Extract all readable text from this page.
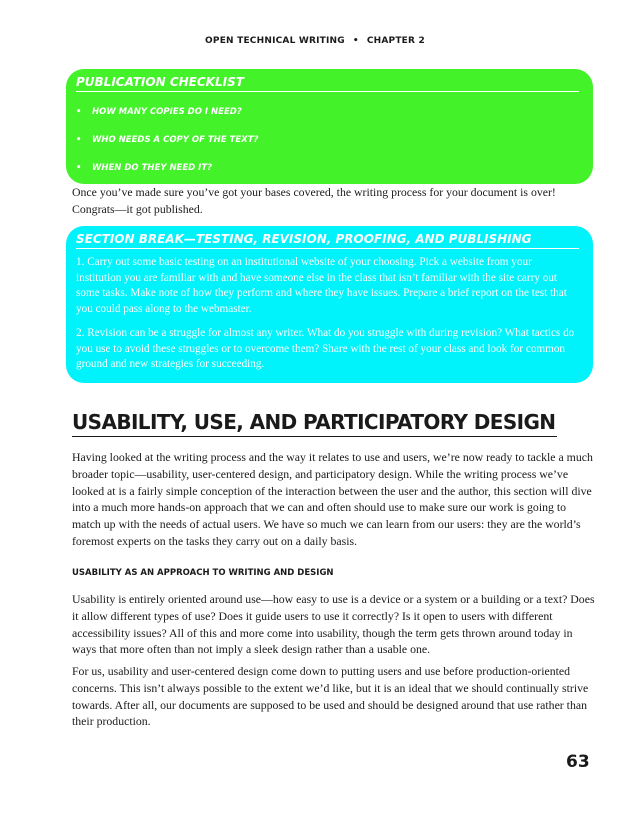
OPEN TECHNICAL WRITING • CHAPTER 2
PUBLICATION CHECKLIST
• HOW MANY COPIES DO I NEED?
• WHO NEEDS A COPY OF THE TEXT?
• WHEN DO THEY NEED IT?

Once you’ve made sure you’ve got your bases covered, the writing process for your document is over! Congrats—it got published.

SECTION BREAK—TESTING, REVISION, PROOFING, AND PUBLISHING

1. Carry out some basic testing on an institutional website of your choosing. Pick a website from your institution you are familiar with and have someone else in the class that isn’t familiar with the site carry out some tasks. Make note of how they perform and where they have issues. Prepare a brief report on the test that you could pass along to the webmaster.

2. Revision can be a struggle for almost any writer. What do you struggle with during revision? What tactics do you use to avoid these struggles or to overcome them? Share with the rest of your class and look for common ground and new strategies for succeeding.

USABILITY, USE, AND PARTICIPATORY DESIGN

Having looked at the writing process and the way it relates to use and users, we’re now ready to tackle a much broader topic—usability, user-centered design, and participatory design. While the writing process we’ve looked at is a fairly simple conception of the interaction between the user and the author, this section will dive into a much more hands-on approach that we can and often should use to make sure our work is going to match up with the needs of actual users. We have so much we can learn from our users: they are the world’s foremost experts on the tasks they carry out on a daily basis.

USABILITY AS AN APPROACH TO WRITING AND DESIGN

Usability is entirely oriented around use—how easy to use is a device or a system or a building or a text? Does it allow different types of use? Does it guide users to use it correctly? Is it open to users with different accessibility issues? All of this and more come into usability, though the term gets thrown around today in ways that more often than not imply a sleek design rather than a usable one.

For us, usability and user-centered design come down to putting users and use before production-oriented concerns. This isn’t always possible to the extent we’d like, but it is an ideal that we should continually strive towards. After all, our documents are supposed to be used and should be designed around that use rather than their production.

63
